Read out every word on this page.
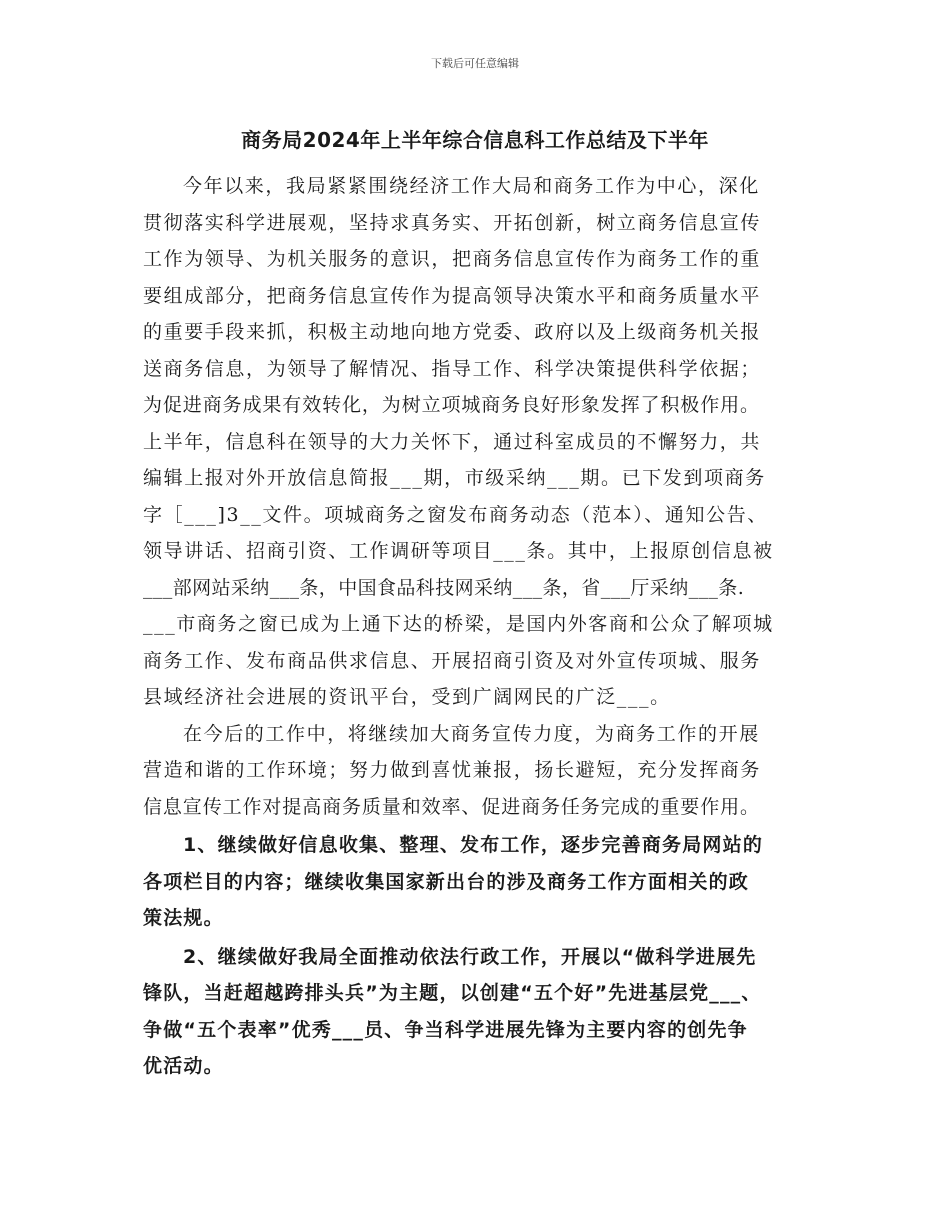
下载后可任意编辑
商务局2024年上半年综合信息科工作总结及下半年
今年以来，我局紧紧围绕经济工作大局和商务工作为中心，深化
贯彻落实科学进展观，坚持求真务实、开拓创新，树立商务信息宣传
工作为领导、为机关服务的意识，把商务信息宣传作为商务工作的重
要组成部分，把商务信息宣传作为提高领导决策水平和商务质量水平
的重要手段来抓，积极主动地向地方党委、政府以及上级商务机关报
送商务信息，为领导了解情况、指导工作、科学决策提供科学依据；
为促进商务成果有效转化，为树立项城商务良好形象发挥了积极作用。
上半年，信息科在领导的大力关怀下，通过科室成员的不懈努力，共
编辑上报对外开放信息简报___期，市级采纳___期。已下发到项商务
字［___]3__文件。项城商务之窗发布商务动态（范本）、通知公告、
领导讲话、招商引资、工作调研等项目___条。其中，上报原创信息被
___部网站采纳___条，中国食品科技网采纳___条，省___厅采纳___条.
___市商务之窗已成为上通下达的桥梁，是国内外客商和公众了解项城
商务工作、发布商品供求信息、开展招商引资及对外宣传项城、服务
县域经济社会进展的资讯平台，受到广阔网民的广泛___。
在今后的工作中，将继续加大商务宣传力度，为商务工作的开展
营造和谐的工作环境；努力做到喜忧兼报，扬长避短，充分发挥商务
信息宣传工作对提高商务质量和效率、促进商务任务完成的重要作用。
1、继续做好信息收集、整理、发布工作，逐步完善商务局网站的
各项栏目的内容；继续收集国家新出台的涉及商务工作方面相关的政
策法规。
2、继续做好我局全面推动依法行政工作，开展以“做科学进展先
锋队，当赶超越跨排头兵”为主题，以创建“五个好”先进基层党___、
争做“五个表率”优秀___员、争当科学进展先锋为主要内容的创先争
优活动。
